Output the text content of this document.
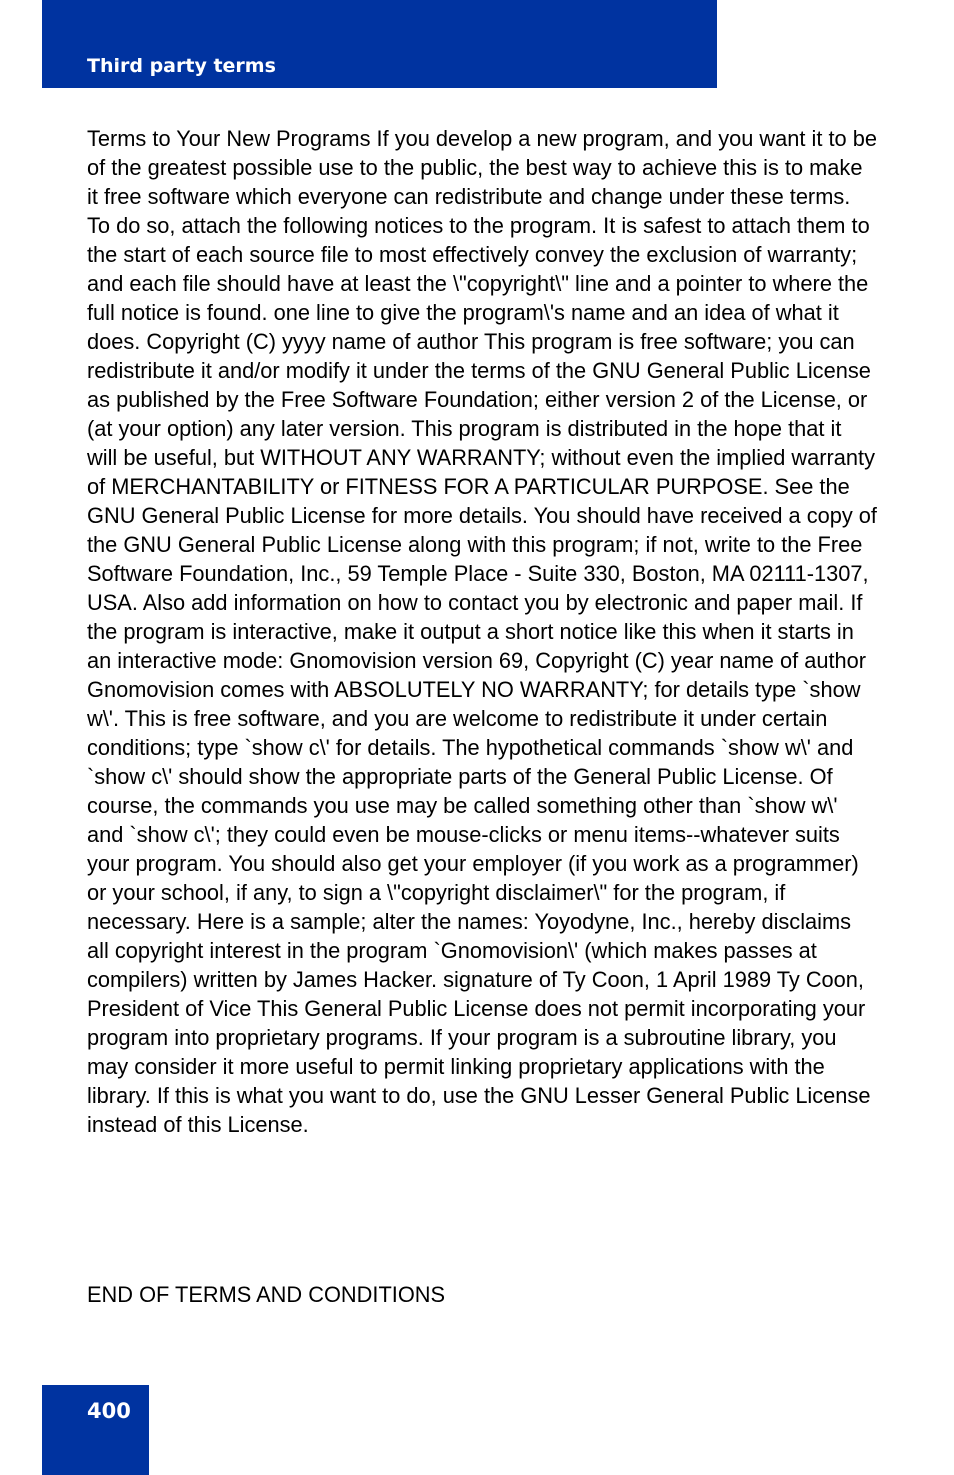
Third party terms

Terms to Your New Programs If you develop a new program, and you want it to be of the greatest possible use to the public, the best way to achieve this is to make it free software which everyone can redistribute and change under these terms. To do so, attach the following notices to the program. It is safest to attach them to the start of each source file to most effectively convey the exclusion of warranty; and each file should have at least the \"copyright\" line and a pointer to where the full notice is found. one line to give the program\'s name and an idea of what it does. Copyright (C) yyyy name of author This program is free software; you can redistribute it and/or modify it under the terms of the GNU General Public License as published by the Free Software Foundation; either version 2 of the License, or (at your option) any later version. This program is distributed in the hope that it will be useful, but WITHOUT ANY WARRANTY; without even the implied warranty of MERCHANTABILITY or FITNESS FOR A PARTICULAR PURPOSE. See the GNU General Public License for more details. You should have received a copy of the GNU General Public License along with this program; if not, write to the Free Software Foundation, Inc., 59 Temple Place - Suite 330, Boston, MA 02111-1307, USA. Also add information on how to contact you by electronic and paper mail. If the program is interactive, make it output a short notice like this when it starts in an interactive mode: Gnomovision version 69, Copyright (C) year name of author Gnomovision comes with ABSOLUTELY NO WARRANTY; for details type `show w\'. This is free software, and you are welcome to redistribute it under certain conditions; type `show c\' for details. The hypothetical commands `show w\' and `show c\' should show the appropriate parts of the General Public License. Of course, the commands you use may be called something other than `show w\' and `show c\'; they could even be mouse-clicks or menu items--whatever suits your program. You should also get your employer (if you work as a programmer) or your school, if any, to sign a \"copyright disclaimer\" for the program, if necessary. Here is a sample; alter the names: Yoyodyne, Inc., hereby disclaims all copyright interest in the program `Gnomovision\' (which makes passes at compilers) written by James Hacker. signature of Ty Coon, 1 April 1989 Ty Coon, President of Vice This General Public License does not permit incorporating your program into proprietary programs. If your program is a subroutine library, you may consider it more useful to permit linking proprietary applications with the library. If this is what you want to do, use the GNU Lesser General Public License instead of this License.

END OF TERMS AND CONDITIONS

400
